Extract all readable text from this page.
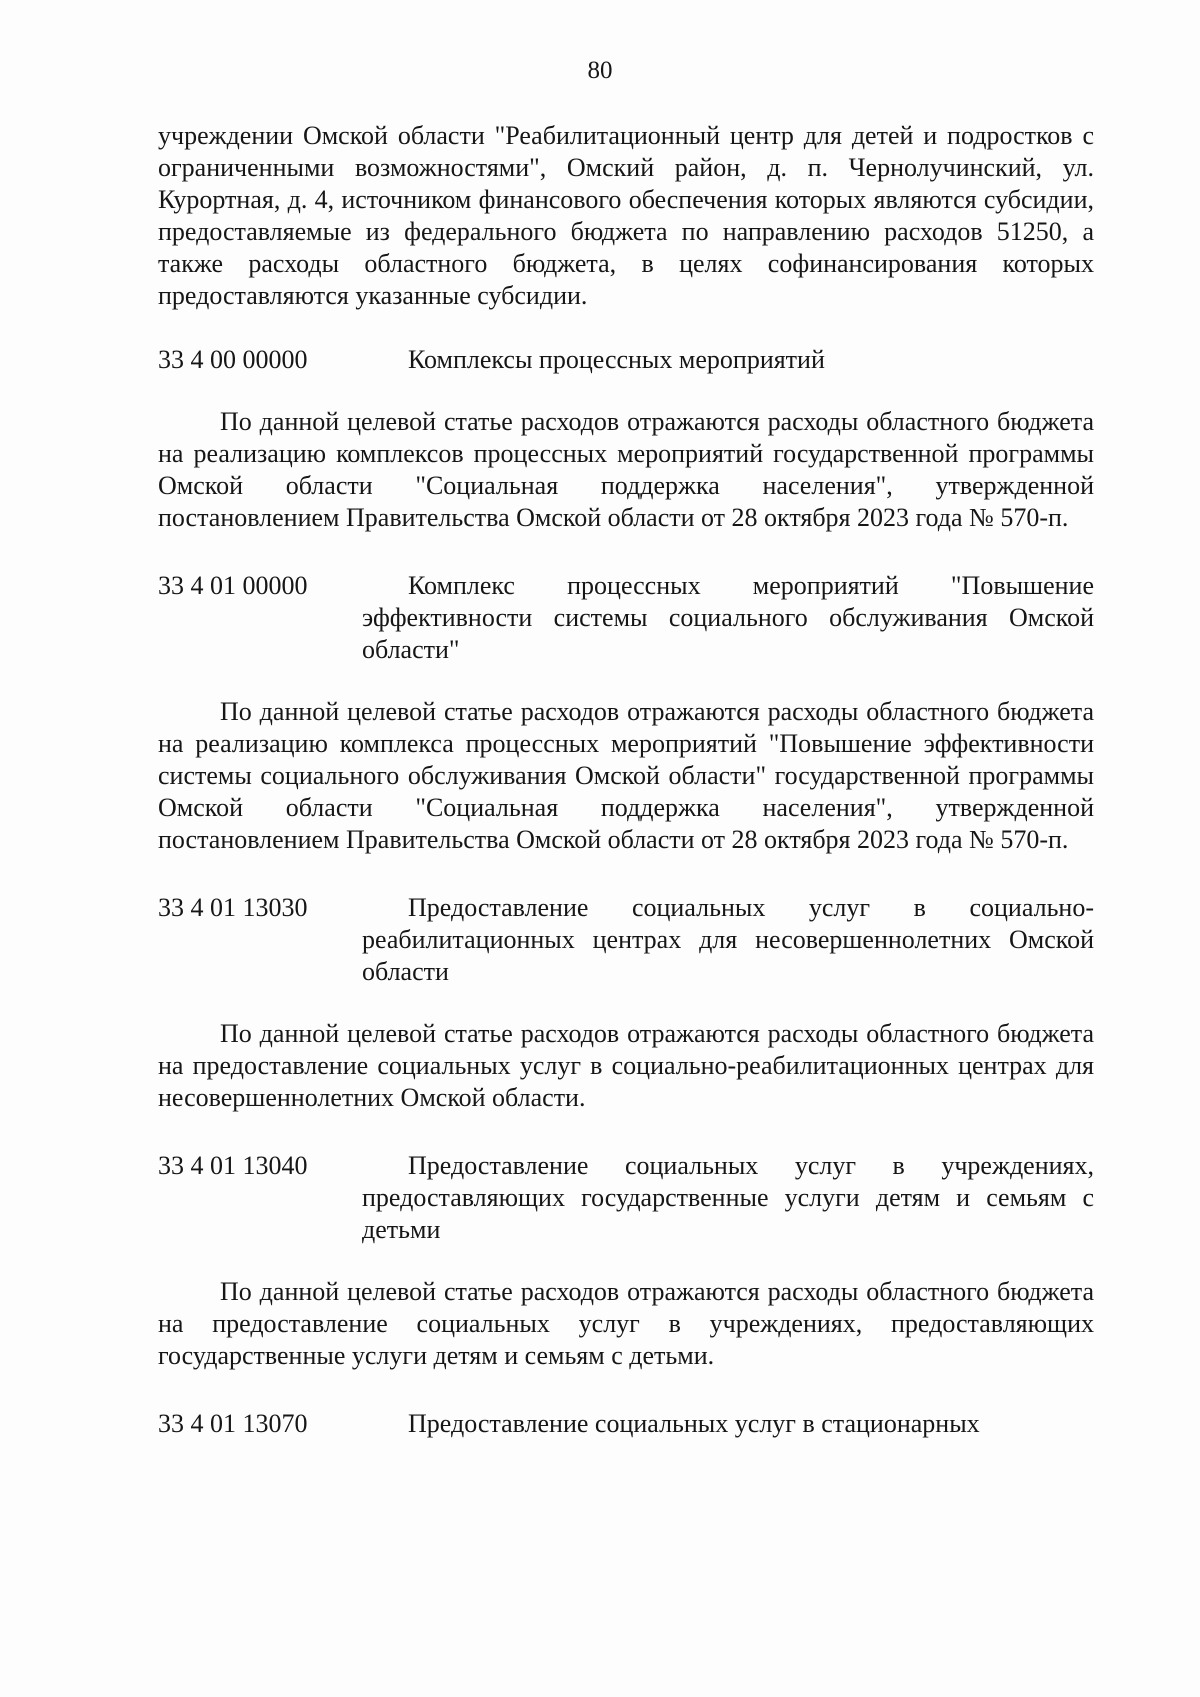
80

учреждении Омской области "Реабилитационный центр для детей и подростков с ограниченными возможностями", Омский район, д. п. Чернолучинский, ул. Курортная, д. 4, источником финансового обеспечения которых являются субсидии, предоставляемые из федерального бюджета по направлению расходов 51250, а также расходы областного бюджета, в целях софинансирования которых предоставляются указанные субсидии.

33 4 00 00000	Комплексы процессных мероприятий

По данной целевой статье расходов отражаются расходы областного бюджета на реализацию комплексов процессных мероприятий государственной программы Омской области "Социальная поддержка населения", утвержденной постановлением Правительства Омской области от 28 октября 2023 года № 570-п.

33 4 01 00000	Комплекс процессных мероприятий "Повышение эффективности системы социального обслуживания Омской области"

По данной целевой статье расходов отражаются расходы областного бюджета на реализацию комплекса процессных мероприятий "Повышение эффективности системы социального обслуживания Омской области" государственной программы Омской области "Социальная поддержка населения", утвержденной постановлением Правительства Омской области от 28 октября 2023 года № 570-п.

33 4 01 13030	Предоставление социальных услуг в социально-реабилитационных центрах для несовершеннолетних Омской области

По данной целевой статье расходов отражаются расходы областного бюджета на предоставление социальных услуг в социально-реабилитационных центрах для несовершеннолетних Омской области.

33 4 01 13040	Предоставление социальных услуг в учреждениях, предоставляющих государственные услуги детям и семьям с детьми

По данной целевой статье расходов отражаются расходы областного бюджета на предоставление социальных услуг в учреждениях, предоставляющих государственные услуги детям и семьям с детьми.

33 4 01 13070	Предоставление социальных услуг в стационарных
